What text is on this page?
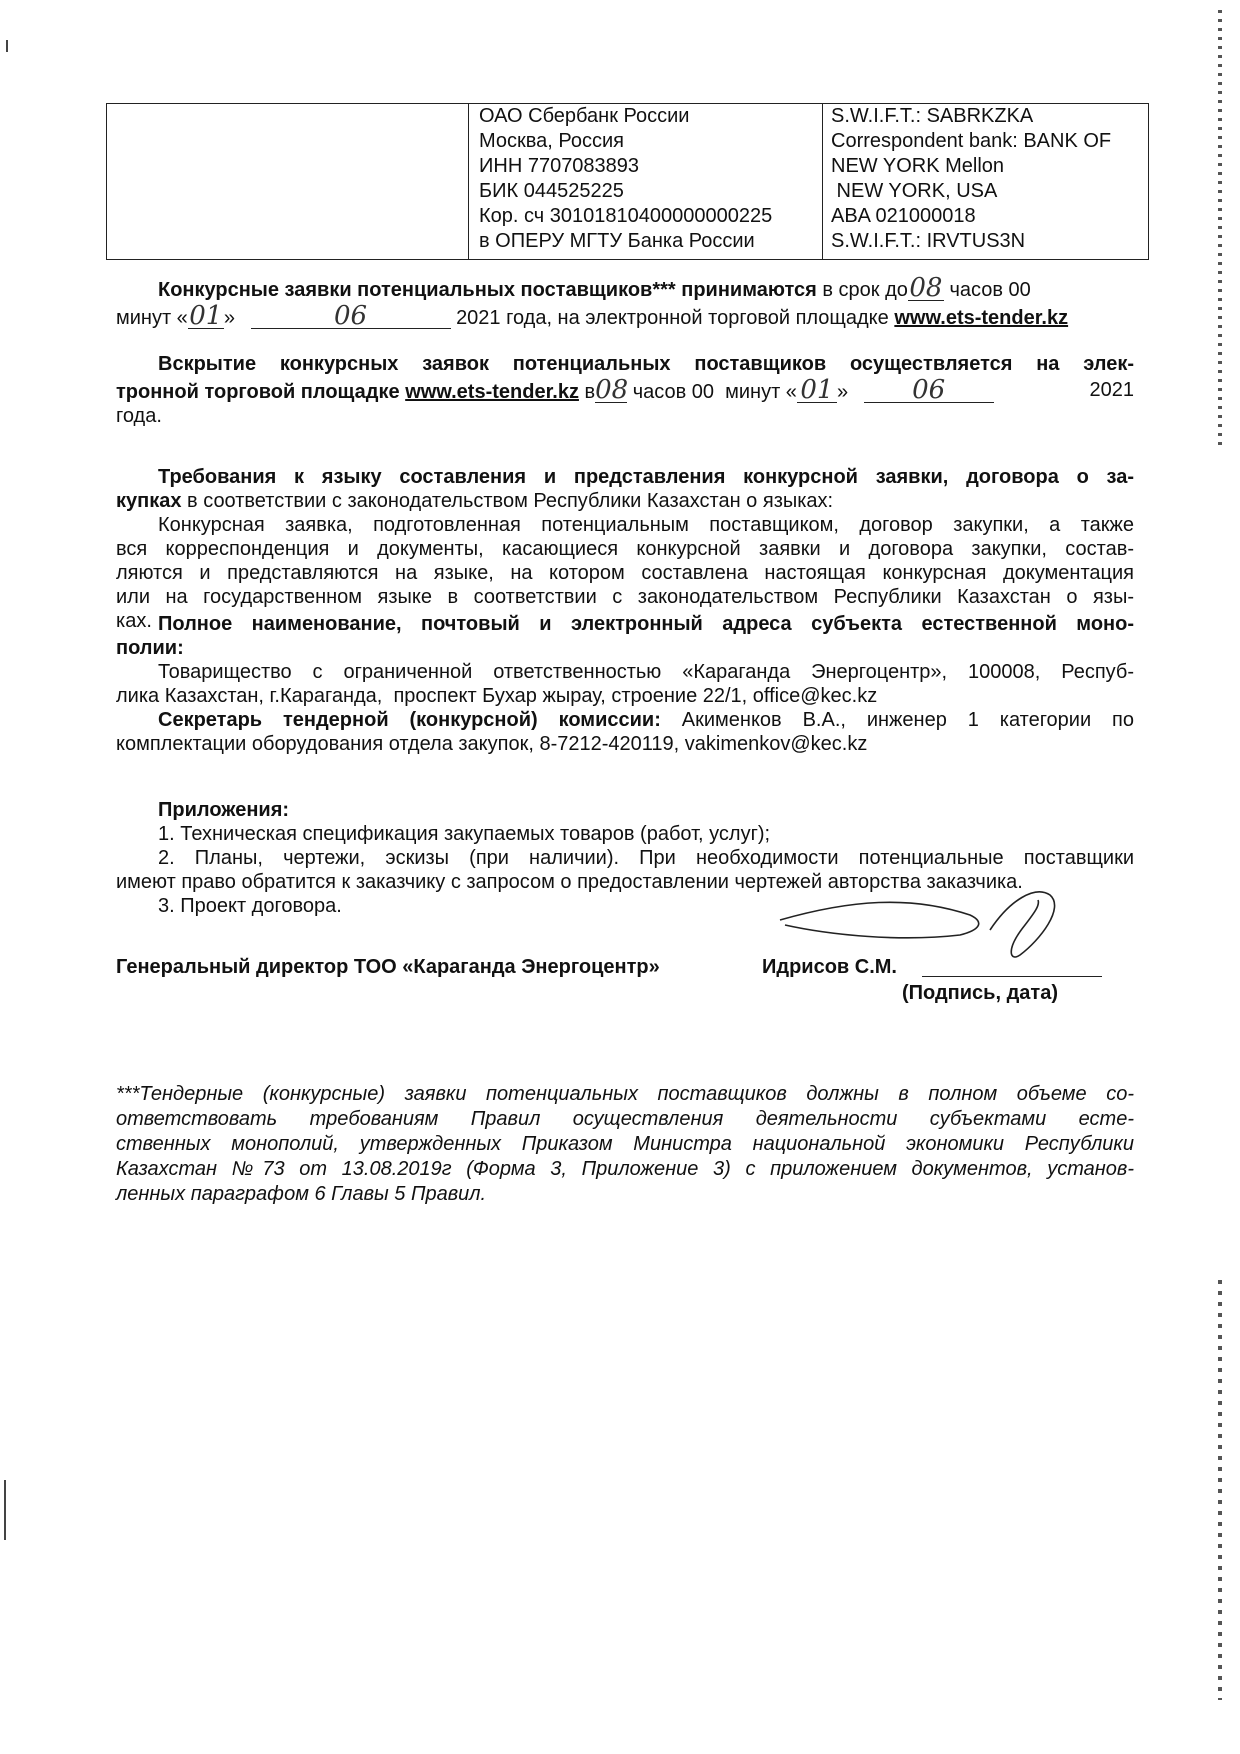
ОАО Сбербанк России
Москва, Россия
ИНН 7707083893
БИК 044525225
Кор. сч 30101810400000000225
в ОПЕРУ МГТУ Банка России

S.W.I.F.T.: SABRKZKA
Correspondent bank: BANK OF
NEW YORK Mellon
NEW YORK, USA
ABA 021000018
S.W.I.F.T.: IRVTUS3N
Конкурсные заявки потенциальных поставщиков*** принимаются в срок до08 часов 00
минут «01»	06	2021 года, на электронной торговой площадке www.ets-tender.kz
Вскрытие конкурсных заявок потенциальных поставщиков осуществляется на элек-
тронной торговой площадке www.ets-tender.kz в08 часов 00  минут « 01 » 06	2021
года.
Требования к языку составления и представления конкурсной заявки, договора о за-
купках в соответствии с законодательством Республики Казахстан о языках:
Конкурсная заявка, подготовленная потенциальным поставщиком, договор закупки, а также
вся корреспонденция и документы, касающиеся конкурсной заявки и договора закупки, состав-
ляются и представляются на языке, на котором составлена настоящая конкурсная документация
или на государственном языке в соответствии с законодательством Республики Казахстан о язы-
ках. Полное наименование, почтовый и электронный адреса субъекта естественной моно-
полии:
Товарищество с ограниченной ответственностью «Караганда Энергоцентр», 100008, Респуб-
лика Казахстан, г.Караганда,  проспект Бухар жырау, строение 22/1, office@kec.kz
Секретарь тендерной (конкурсной) комиссии: Акименков В.А., инженер 1 категории по
комплектации оборудования отдела закупок, 8-7212-420119, vakimenkov@kec.kz
Приложения:
1. Техническая спецификация закупаемых товаров (работ, услуг);
2. Планы, чертежи, эскизы (при наличии). При необходимости потенциальные поставщики
имеют право обратится к заказчику с запросом о предоставлении чертежей авторства заказчика.
3. Проект договора.
Генеральный директор ТОО «Караганда Энергоцентр»	Идрисов С.М.
(Подпись, дата)
***Тендерные (конкурсные) заявки потенциальных поставщиков должны в полном объеме со-
ответствовать требованиям Правил осуществления деятельности субъектами есте-
ственных монополий, утвержденных Приказом Министра национальной экономики Республики
Казахстан №73 от 13.08.2019г (Форма 3, Приложение 3) с приложением документов, установ-
ленных параграфом 6 Главы 5 Правил.
